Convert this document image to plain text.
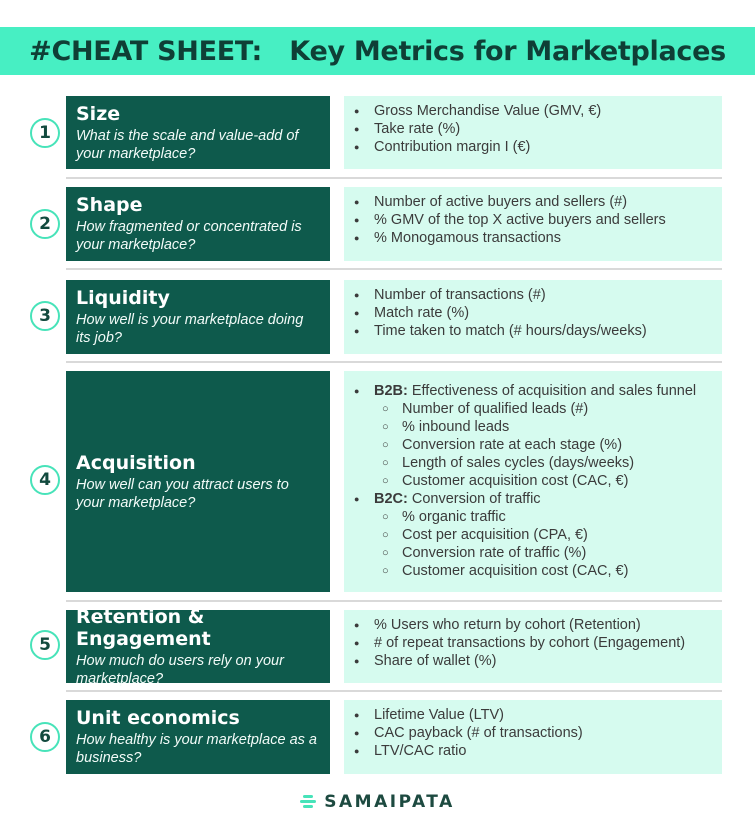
#CHEAT SHEET:   Key Metrics for Marketplaces
1
Size
What is the scale and value-add of your marketplace?
● Gross Merchandise Value (GMV, €)
● Take rate (%)
● Contribution margin I (€)
2
Shape
How fragmented or concentrated is your marketplace?
● Number of active buyers and sellers (#)
● % GMV of the top X active buyers and sellers
● % Monogamous transactions
3
Liquidity
How well is your marketplace doing its job?
● Number of transactions (#)
● Match rate (%)
● Time taken to match (# hours/days/weeks)
4
Acquisition
How well can you attract users to your marketplace?
● B2B: Effectiveness of acquisition and sales funnel
○ Number of qualified leads (#)
○ % inbound leads
○ Conversion rate at each stage (%)
○ Length of sales cycles (days/weeks)
○ Customer acquisition cost (CAC, €)
● B2C: Conversion of traffic
○ % organic traffic
○ Cost per acquisition (CPA, €)
○ Conversion rate of traffic (%)
○ Customer acquisition cost (CAC, €)
5
Retention & Engagement
How much do users rely on your marketplace?
● % Users who return by cohort (Retention)
● # of repeat transactions by cohort (Engagement)
● Share of wallet (%)
6
Unit economics
How healthy is your marketplace as a business?
● Lifetime Value (LTV)
● CAC payback (# of transactions)
● LTV/CAC ratio
SAMAIPATA
